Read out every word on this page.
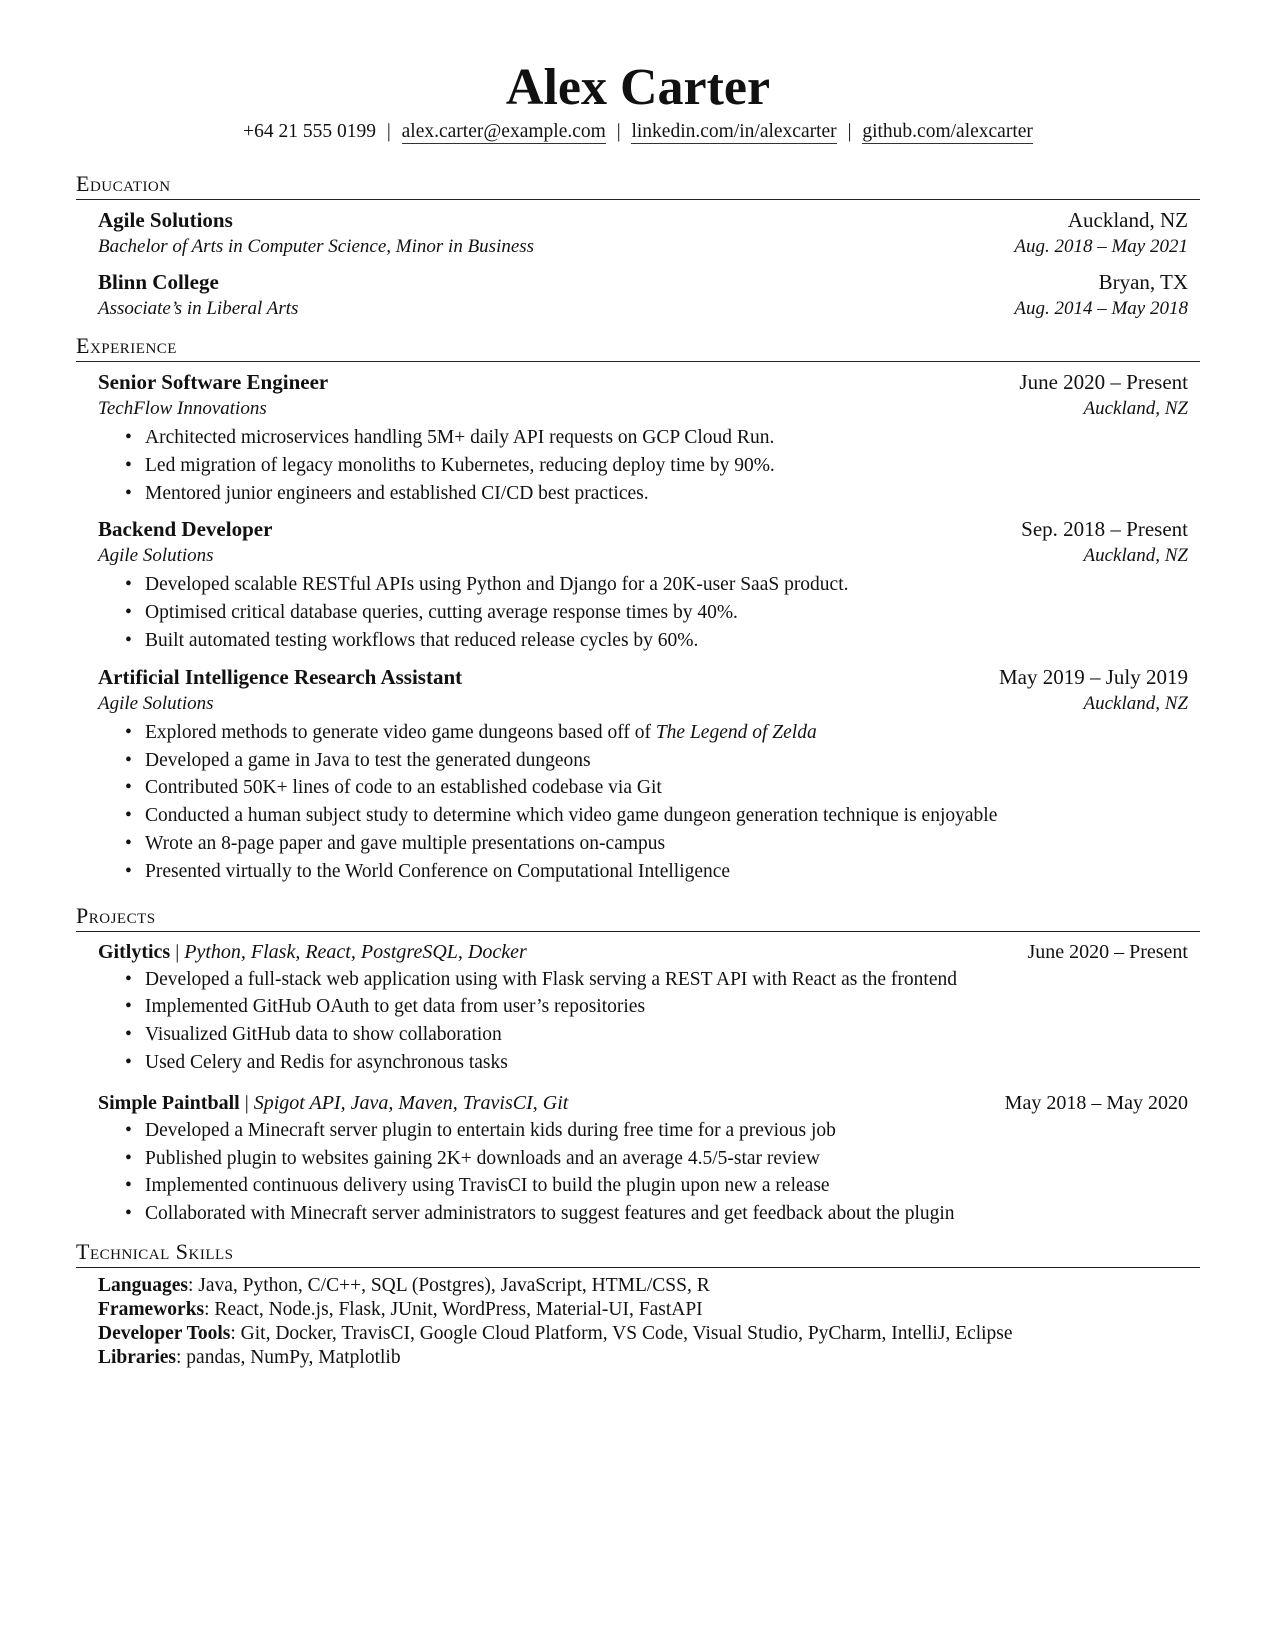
Alex Carter
+64 21 555 0199 | alex.carter@example.com | linkedin.com/in/alexcarter | github.com/alexcarter
Education
Agile Solutions	Auckland, NZ
Bachelor of Arts in Computer Science, Minor in Business	Aug. 2018 – May 2021
Blinn College	Bryan, TX
Associate’s in Liberal Arts	Aug. 2014 – May 2018
Experience
Senior Software Engineer	June 2020 – Present
TechFlow Innovations	Auckland, NZ
• Architected microservices handling 5M+ daily API requests on GCP Cloud Run.
• Led migration of legacy monoliths to Kubernetes, reducing deploy time by 90%.
• Mentored junior engineers and established CI/CD best practices.
Backend Developer	Sep. 2018 – Present
Agile Solutions	Auckland, NZ
• Developed scalable RESTful APIs using Python and Django for a 20K-user SaaS product.
• Optimised critical database queries, cutting average response times by 40%.
• Built automated testing workflows that reduced release cycles by 60%.
Artificial Intelligence Research Assistant	May 2019 – July 2019
Agile Solutions	Auckland, NZ
• Explored methods to generate video game dungeons based off of The Legend of Zelda
• Developed a game in Java to test the generated dungeons
• Contributed 50K+ lines of code to an established codebase via Git
• Conducted a human subject study to determine which video game dungeon generation technique is enjoyable
• Wrote an 8-page paper and gave multiple presentations on-campus
• Presented virtually to the World Conference on Computational Intelligence
Projects
Gitlytics | Python, Flask, React, PostgreSQL, Docker	June 2020 – Present
• Developed a full-stack web application using with Flask serving a REST API with React as the frontend
• Implemented GitHub OAuth to get data from user’s repositories
• Visualized GitHub data to show collaboration
• Used Celery and Redis for asynchronous tasks
Simple Paintball | Spigot API, Java, Maven, TravisCI, Git	May 2018 – May 2020
• Developed a Minecraft server plugin to entertain kids during free time for a previous job
• Published plugin to websites gaining 2K+ downloads and an average 4.5/5-star review
• Implemented continuous delivery using TravisCI to build the plugin upon new a release
• Collaborated with Minecraft server administrators to suggest features and get feedback about the plugin
Technical Skills
Languages: Java, Python, C/C++, SQL (Postgres), JavaScript, HTML/CSS, R
Frameworks: React, Node.js, Flask, JUnit, WordPress, Material-UI, FastAPI
Developer Tools: Git, Docker, TravisCI, Google Cloud Platform, VS Code, Visual Studio, PyCharm, IntelliJ, Eclipse
Libraries: pandas, NumPy, Matplotlib
